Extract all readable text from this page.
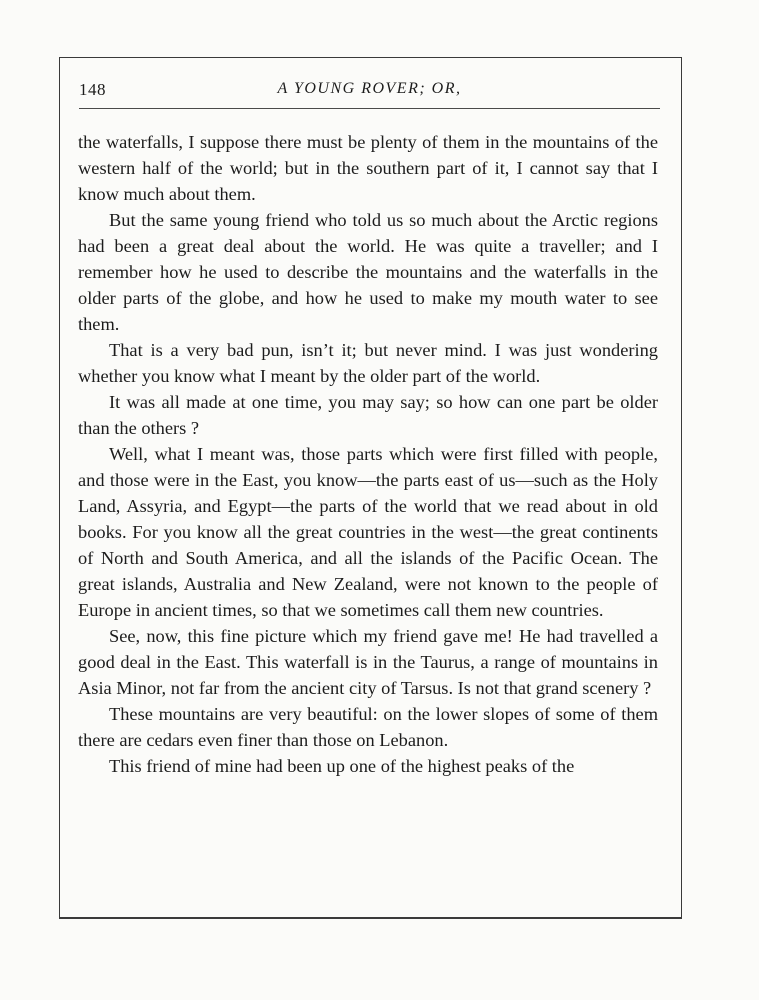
148	A YOUNG ROVER; OR,

the waterfalls, I suppose there must be plenty of them in the mountains of the western half of the world; but in the southern part of it, I cannot say that I know much about them.

But the same young friend who told us so much about the Arctic regions had been a great deal about the world. He was quite a traveller; and I remember how he used to describe the mountains and the waterfalls in the older parts of the globe, and how he used to make my mouth water to see them.

That is a very bad pun, isn’t it; but never mind. I was just wondering whether you know what I meant by the older part of the world.

It was all made at one time, you may say; so how can one part be older than the others ?

Well, what I meant was, those parts which were first filled with people, and those were in the East, you know—the parts east of us—such as the Holy Land, Assyria, and Egypt—the parts of the world that we read about in old books. For you know all the great countries in the west—the great continents of North and South America, and all the islands of the Pacific Ocean. The great islands, Australia and New Zealand, were not known to the people of Europe in ancient times, so that we sometimes call them new countries.

See, now, this fine picture which my friend gave me! He had travelled a good deal in the East. This waterfall is in the Taurus, a range of mountains in Asia Minor, not far from the ancient city of Tarsus. Is not that grand scenery ?

These mountains are very beautiful: on the lower slopes of some of them there are cedars even finer than those on Lebanon.

This friend of mine had been up one of the highest peaks of the
